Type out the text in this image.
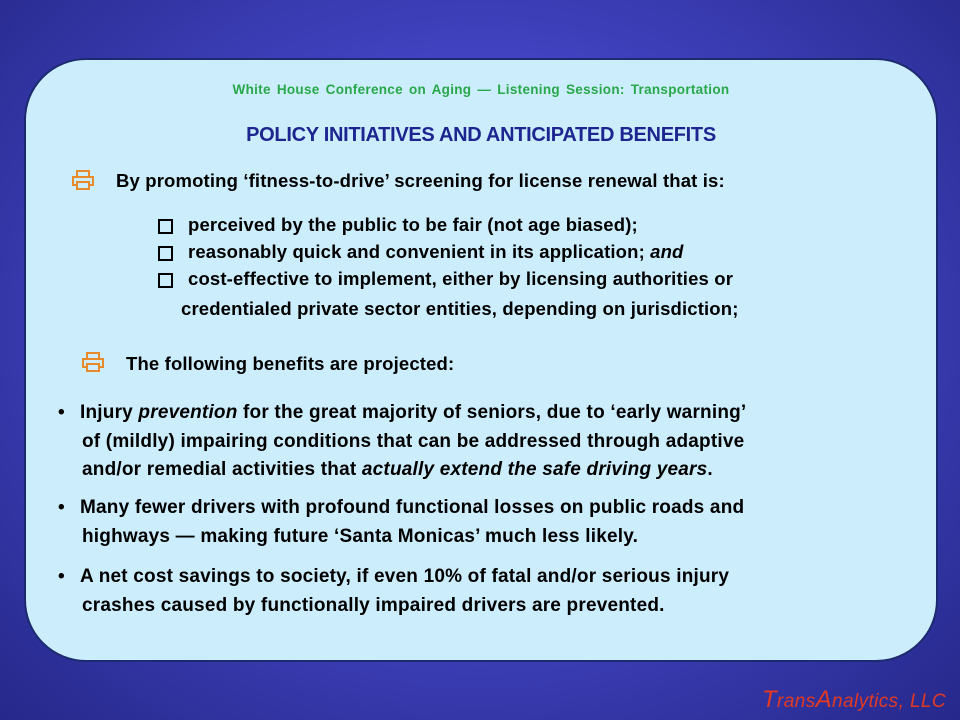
White House Conference on Aging — Listening Session: Transportation
POLICY INITIATIVES AND ANTICIPATED BENEFITS
By promoting ‘fitness-to-drive’ screening for license renewal that is:
perceived by the public to be fair (not age biased);
reasonably quick and convenient in its application; and
cost-effective to implement, either by licensing authorities or
credentialed private sector entities, depending on jurisdiction;
The following benefits are projected:
• Injury prevention for the great majority of seniors, due to ‘early warning’
of (mildly) impairing conditions that can be addressed through adaptive
and/or remedial activities that actually extend the safe driving years.
• Many fewer drivers with profound functional losses on public roads and
highways — making future ‘Santa Monicas’ much less likely.
• A net cost savings to society, if even 10% of fatal and/or serious injury
crashes caused by functionally impaired drivers are prevented.
TransAnalytics, LLC
